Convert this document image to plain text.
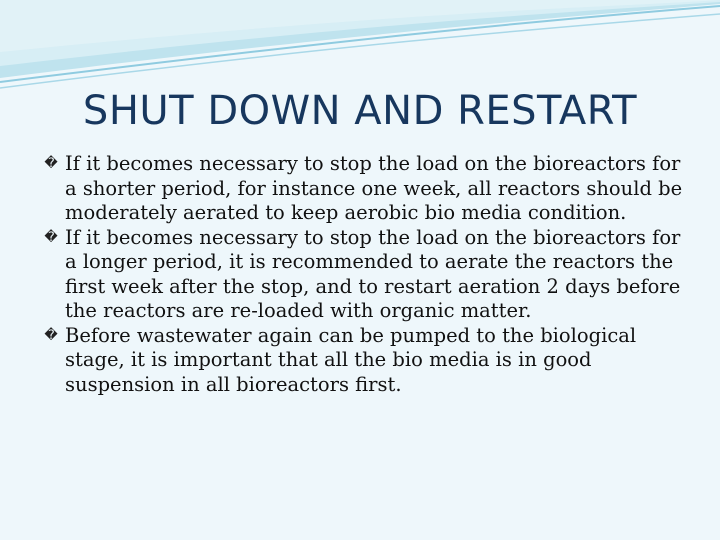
SHUT DOWN AND RESTART
� If it becomes necessary to stop the load on the bioreactors for a shorter period, for instance one week, all reactors should be moderately aerated to keep aerobic bio media condition.
� If it becomes necessary to stop the load on the bioreactors for a longer period, it is recommended to aerate the reactors the first week after the stop, and to restart aeration 2 days before the reactors are re-loaded with organic matter.
� Before wastewater again can be pumped to the biological stage, it is important that all the bio media is in good suspension in all bioreactors first.
